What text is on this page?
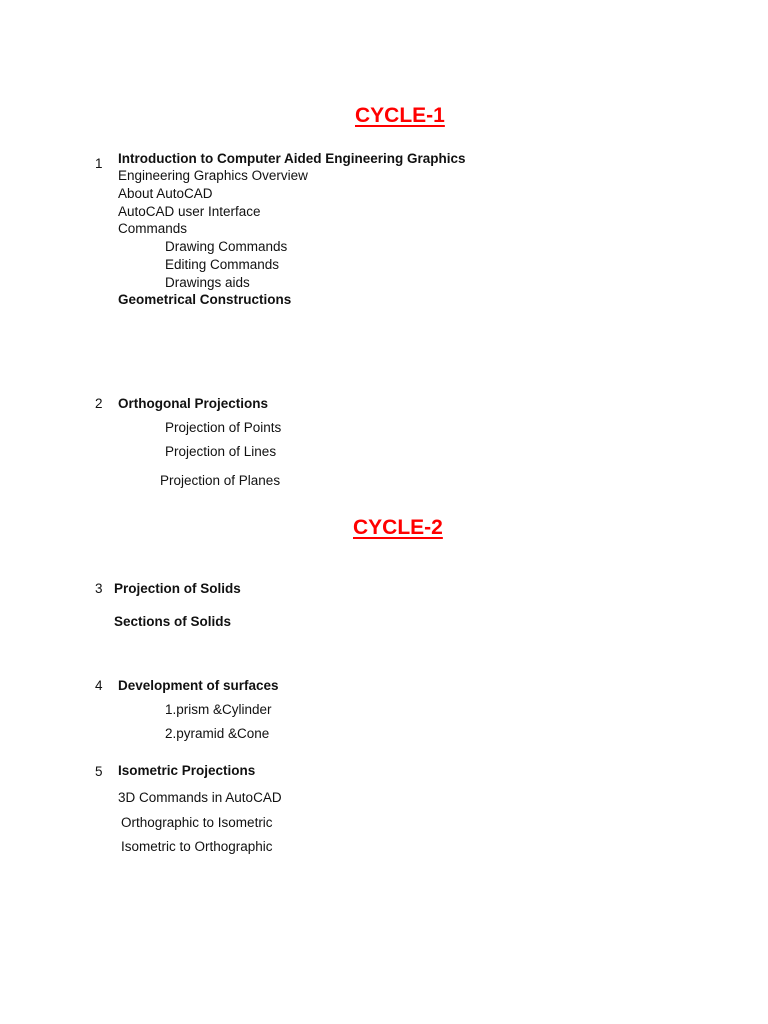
CYCLE-1
1 Introduction to Computer Aided Engineering Graphics
Engineering Graphics Overview
About AutoCAD
AutoCAD user Interface
Commands
Drawing Commands
Editing Commands
Drawings aids
Geometrical Constructions
2 Orthogonal Projections
Projection of Points
Projection of Lines
Projection of Planes
CYCLE-2
3 Projection of Solids
Sections of Solids
4 Development of surfaces
1.prism &Cylinder
2.pyramid &Cone
5 Isometric Projections
3D Commands in AutoCAD
Orthographic to Isometric
Isometric to Orthographic
